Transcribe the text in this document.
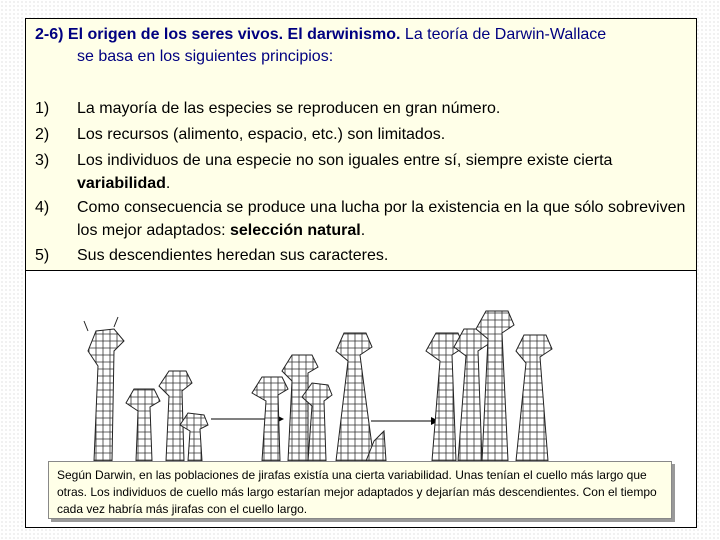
2-6) El origen de los seres vivos. El darwinismo. La teoría de Darwin-Wallace
se basa en los siguientes principios:
1) La mayoría de las especies se reproducen en gran número.
2) Los recursos (alimento, espacio, etc.) son limitados.
3) Los individuos de una especie no son iguales entre sí, siempre existe cierta variabilidad.
4) Como consecuencia se produce una lucha por la existencia en la que sólo sobreviven los mejor adaptados: selección natural.
5) Sus descendientes heredan sus caracteres.
Según Darwin, en las poblaciones de jirafas existía una cierta variabilidad. Unas tenían el cuello más largo que otras. Los individuos de cuello más largo estarían mejor adaptados y dejarían más descendientes. Con el tiempo cada vez habría más jirafas con el cuello largo.
